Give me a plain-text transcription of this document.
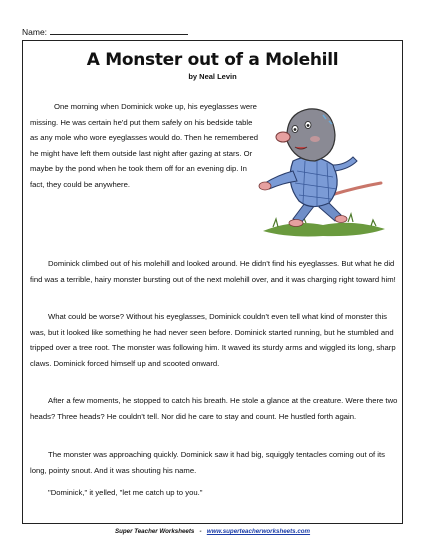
Name:
A Monster out of a Molehill
by Neal Levin

One morning when Dominick woke up, his eyeglasses were missing. He was certain he'd put them safely on his bedside table as any mole who wore eyeglasses would do. Then he remembered he might have left them outside last night after gazing at stars. Or maybe by the pond when he took them off for an evening dip. In fact, they could be anywhere.

Dominick climbed out of his molehill and looked around. He didn't find his eyeglasses. But what he did find was a terrible, hairy monster bursting out of the next molehill over, and it was charging right toward him!

What could be worse? Without his eyeglasses, Dominick couldn't even tell what kind of monster this was, but it looked like something he had never seen before. Dominick started running, but he stumbled and tripped over a tree root. The monster was following him. It waved its sturdy arms and wiggled its long, sharp claws. Dominick forced himself up and scooted onward.

After a few moments, he stopped to catch his breath. He stole a glance at the creature. Were there two heads? Three heads? He couldn't tell. Nor did he care to stay and count. He hustled forth again.

The monster was approaching quickly. Dominick saw it had big, squiggly tentacles coming out of its long, pointy snout. And it was shouting his name.

"Dominick," it yelled, "let me catch up to you."

Super Teacher Worksheets - www.superteacherworksheets.com
